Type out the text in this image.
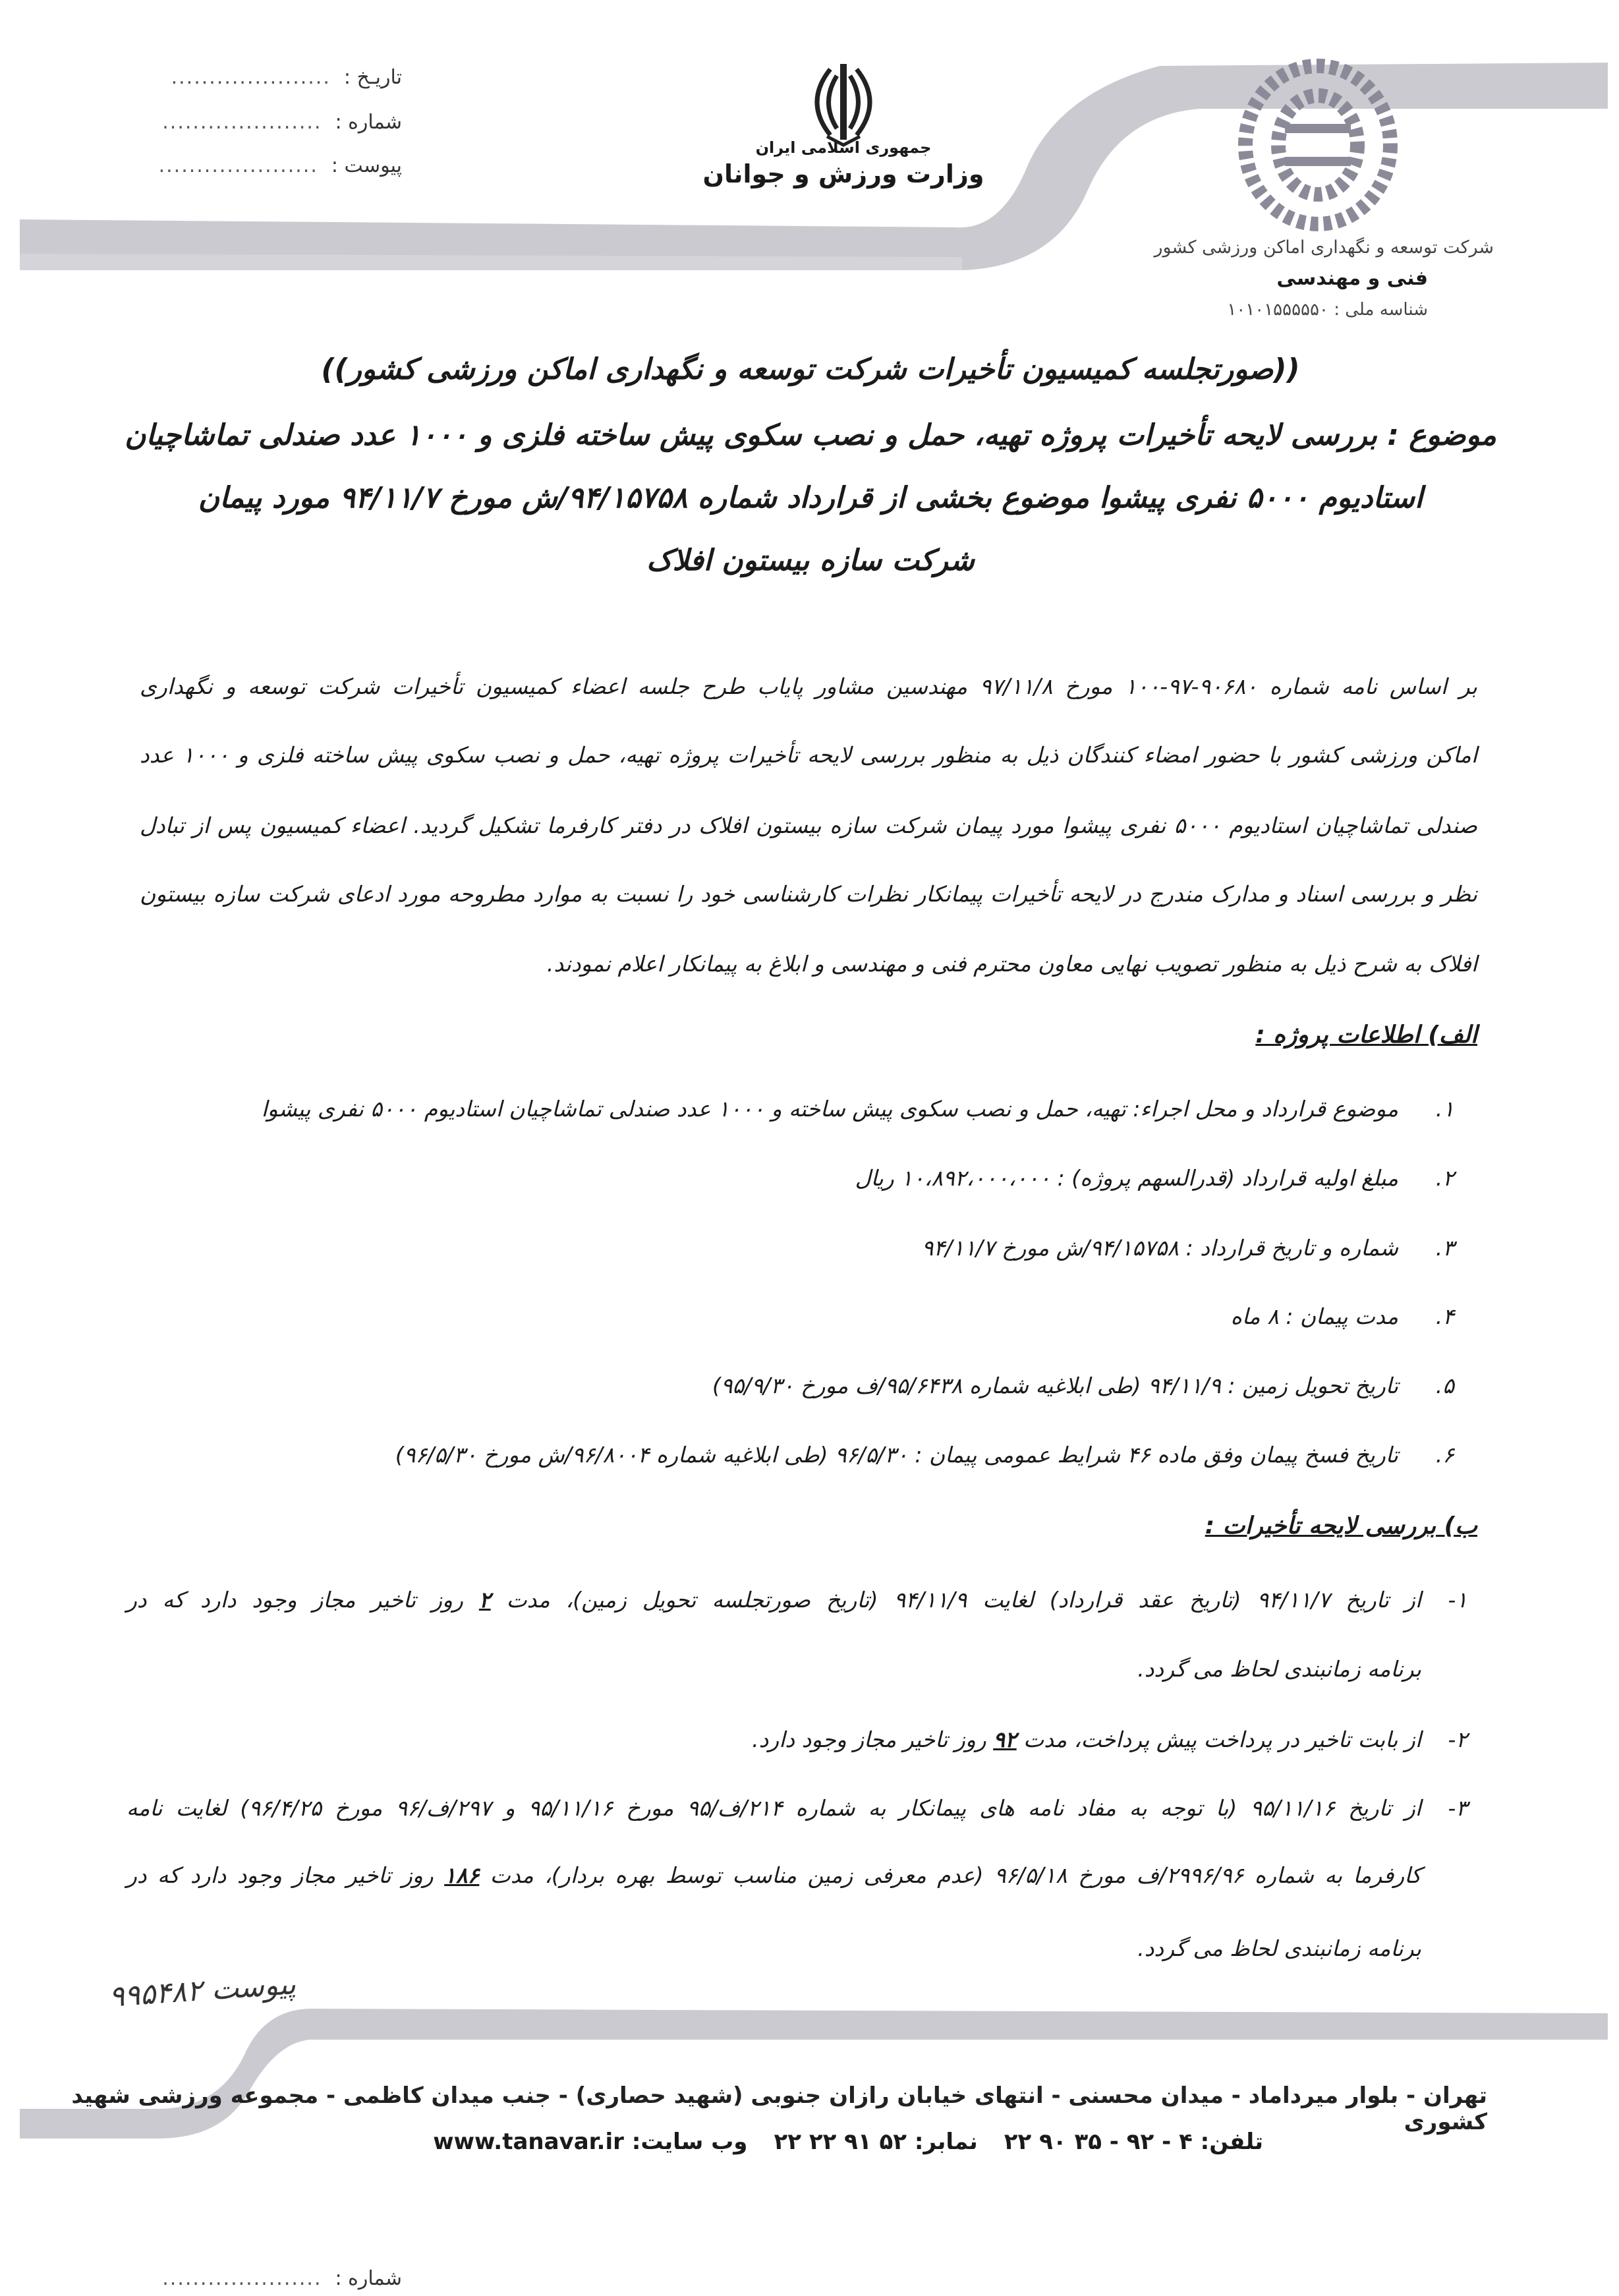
تاریـخ :
.....................
شماره :
.....................
پیوست :
.....................
جمهوری اسلامی ایران
وزارت ورزش و جوانان
شرکت توسعه و نگهداری اماکن ورزشی کشور
فنی و مهندسی
شناسه ملی : ۱۰۱۰۱۵۵۵۵۵۰
((صورتجلسه کمیسیون تأخیرات شرکت توسعه و نگهداری اماکن ورزشی کشور))
موضوع : بررسی لایحه تأخیرات پروژه تهیه، حمل و نصب سکوی پیش ساخته فلزی و ۱۰۰۰ عدد صندلی تماشاچیان
استادیوم ۵۰۰۰ نفری پیشوا موضوع بخشی از قرارداد شماره ۹۴/۱۵۷۵۸/ش مورخ ۹۴/۱۱/۷ مورد پیمان
شرکت سازه بیستون افلاک
بر اساس نامه شماره ۹۰۶۸۰-۹۷-۱۰۰ مورخ ۹۷/۱۱/۸ مهندسین مشاور پایاب طرح جلسه اعضاء کمیسیون تأخیرات شرکت توسعه و نگهداری
اماکن ورزشی کشور با حضور امضاء کنندگان ذیل به منظور بررسی لایحه تأخیرات پروژه تهیه، حمل و نصب سکوی پیش ساخته فلزی و ۱۰۰۰ عدد
صندلی تماشاچیان استادیوم ۵۰۰۰ نفری پیشوا مورد پیمان شرکت سازه بیستون افلاک در دفتر کارفرما تشکیل گردید. اعضاء کمیسیون پس از تبادل
نظر و بررسی اسناد و مدارک مندرج در لایحه تأخیرات پیمانکار نظرات کارشناسی خود را نسبت به موارد مطروحه مورد ادعای شرکت سازه بیستون
افلاک به شرح ذیل به منظور تصویب نهایی معاون محترم فنی و مهندسی و ابلاغ به پیمانکار اعلام نمودند.
الف) اطلاعات پروژه :
۱.
موضوع قرارداد و محل اجراء: تهیه، حمل و نصب سکوی پیش ساخته و ۱۰۰۰ عدد صندلی تماشاچیان استادیوم ۵۰۰۰ نفری پیشوا
۲.
مبلغ اولیه قرارداد (قدرالسهم پروژه) : ۱۰،۸۹۲،۰۰۰،۰۰۰ ریال
۳.
شماره و تاریخ قرارداد : ۹۴/۱۵۷۵۸/ش مورخ ۹۴/۱۱/۷
۴.
مدت پیمان : ۸ ماه
۵.
تاریخ تحویل زمین : ۹۴/۱۱/۹ (طی ابلاغیه شماره ۹۵/۶۴۳۸/ف مورخ ۹۵/۹/۳۰)
۶.
تاریخ فسخ پیمان وفق ماده ۴۶ شرایط عمومی پیمان : ۹۶/۵/۳۰ (طی ابلاغیه شماره ۹۶/۸۰۰۴/ش مورخ ۹۶/۵/۳۰)
ب) بررسی لایحه تأخیرات :
۱-
از تاریخ ۹۴/۱۱/۷ (تاریخ عقد قرارداد) لغایت ۹۴/۱۱/۹ (تاریخ صورتجلسه تحویل زمین)، مدت ۲ روز تاخیر مجاز وجود دارد که در
برنامه زمانبندی لحاظ می گردد.
۲-
از بابت تاخیر در پرداخت پیش پرداخت، مدت ۹۲ روز تاخیر مجاز وجود دارد.
۳-
از تاریخ ۹۵/۱۱/۱۶ (با توجه به مفاد نامه های پیمانکار به شماره ۲۱۴/ف/۹۵ مورخ ۹۵/۱۱/۱۶ و ۲۹۷/ف/۹۶ مورخ ۹۶/۴/۲۵) لغایت نامه
کارفرما به شماره ۲۹۹۶/۹۶/ف مورخ ۹۶/۵/۱۸ (عدم معرفی زمین مناسب توسط بهره بردار)، مدت ۱۸۶ روز تاخیر مجاز وجود دارد که در
برنامه زمانبندی لحاظ می گردد.
پیوست ۹۹۵۴۸۲
تهران - بلوار میرداماد - میدان محسنی - انتهای خیابان رازان جنوبی (شهید حصاری) - جنب میدان کاظمی - مجموعه ورزشی شهید کشوری
تلفن: ۴ - ۹۲ - ۳۵ ۹۰ ۲۲
نمابر: ۵۲ ۹۱ ۲۲ ۲۲
وب سایت: www.tanavar.ir
شماره :
.....................
